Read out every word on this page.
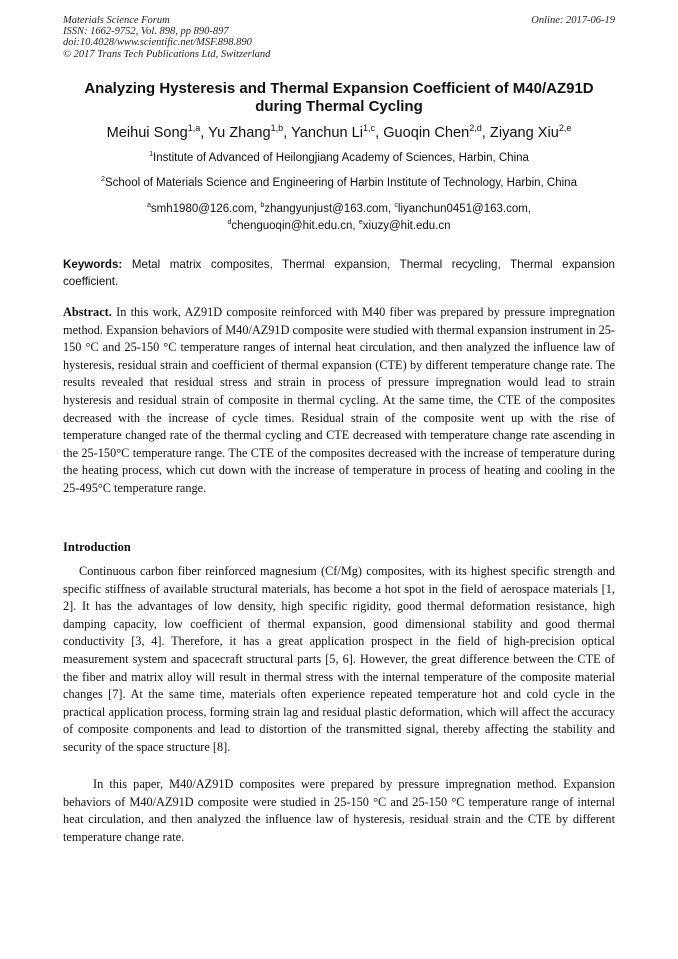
Materials Science Forum
ISSN: 1662-9752, Vol. 898, pp 890-897
doi:10.4028/www.scientific.net/MSF.898.890
© 2017 Trans Tech Publications Ltd, Switzerland
Online: 2017-06-19
Analyzing Hysteresis and Thermal Expansion Coefficient of M40/AZ91D
during Thermal Cycling
Meihui Song$^{1,a}$, Yu Zhang$^{1,b}$, Yanchun Li$^{1,c}$, Guoqin Chen$^{2,d}$, Ziyang Xiu$^{2,e}$
$^1$Institute of Advanced of Heilongjiang Academy of Sciences, Harbin, China
$^2$School of Materials Science and Engineering of Harbin Institute of Technology, Harbin, China
$^a$smh1980@126.com, $^b$zhangyunjust@163.com, $^c$liyanchun0451@163.com,
$^d$chenguoqin@hit.edu.cn, $^e$xiuzy@hit.edu.cn
Keywords: Metal matrix composites, Thermal expansion, Thermal recycling, Thermal expansion coefficient.
Abstract. In this work, AZ91D composite reinforced with M40 fiber was prepared by pressure impregnation method. Expansion behaviors of M40/AZ91D composite were studied with thermal expansion instrument in 25-150 °C and 25-150 °C temperature ranges of internal heat circulation, and then analyzed the influence law of hysteresis, residual strain and coefficient of thermal expansion (CTE) by different temperature change rate. The results revealed that residual stress and strain in process of pressure impregnation would lead to strain hysteresis and residual strain of composite in thermal cycling. At the same time, the CTE of the composites decreased with the increase of cycle times. Residual strain of the composite went up with the rise of temperature changed rate of the thermal cycling and CTE decreased with temperature change rate ascending in the 25-150°C temperature range. The CTE of the composites decreased with the increase of temperature during the heating process, which cut down with the increase of temperature in process of heating and cooling in the 25-495°C temperature range.
Introduction
Continuous carbon fiber reinforced magnesium (Cf/Mg) composites, with its highest specific strength and specific stiffness of available structural materials, has become a hot spot in the field of aerospace materials [1, 2]. It has the advantages of low density, high specific rigidity, good thermal deformation resistance, high damping capacity, low coefficient of thermal expansion, good dimensional stability and good thermal conductivity [3, 4]. Therefore, it has a great application prospect in the field of high-precision optical measurement system and spacecraft structural parts [5, 6]. However, the great difference between the CTE of the fiber and matrix alloy will result in thermal stress with the internal temperature of the composite material changes [7]. At the same time, materials often experience repeated temperature hot and cold cycle in the practical application process, forming strain lag and residual plastic deformation, which will affect the accuracy of composite components and lead to distortion of the transmitted signal, thereby affecting the stability and security of the space structure [8].
In this paper, M40/AZ91D composites were prepared by pressure impregnation method. Expansion behaviors of M40/AZ91D composite were studied in 25-150 °C and 25-150 °C temperature range of internal heat circulation, and then analyzed the influence law of hysteresis, residual strain and the CTE by different temperature change rate.
